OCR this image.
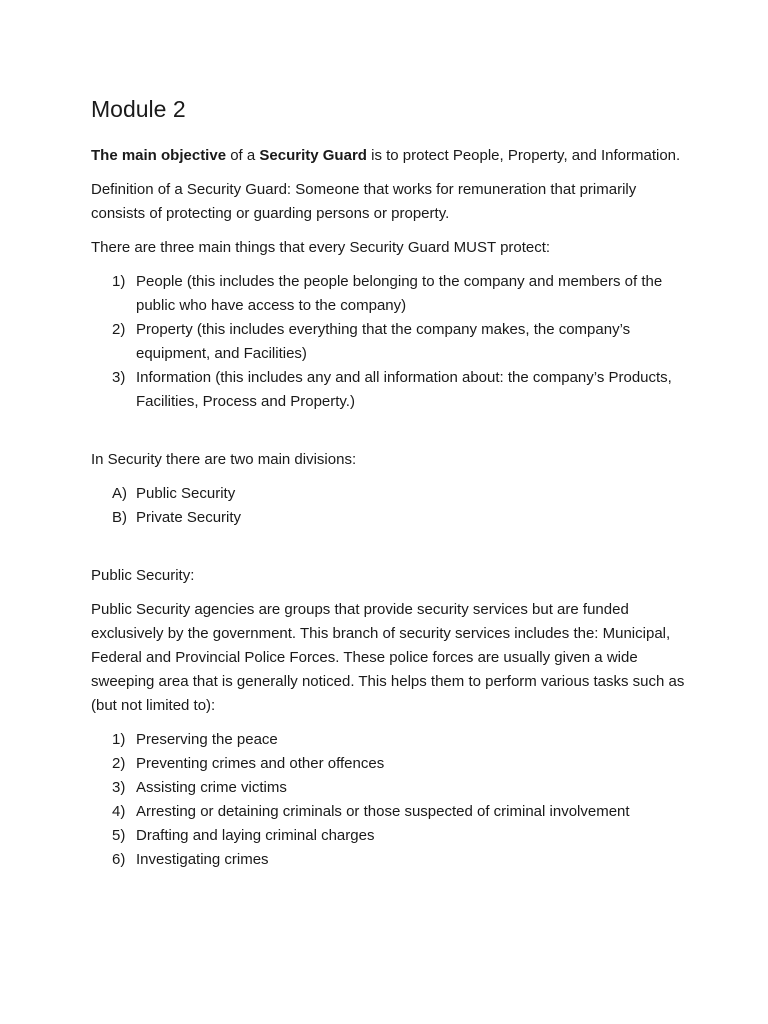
Module 2

The main objective of a Security Guard is to protect People, Property, and Information.

Definition of a Security Guard: Someone that works for remuneration that primarily consists of protecting or guarding persons or property.

There are three main things that every Security Guard MUST protect:

1) People (this includes the people belonging to the company and members of the public who have access to the company)
2) Property (this includes everything that the company makes, the company’s equipment, and Facilities)
3) Information (this includes any and all information about: the company’s Products, Facilities, Process and Property.)

In Security there are two main divisions:

A) Public Security
B) Private Security

Public Security:

Public Security agencies are groups that provide security services but are funded exclusively by the government. This branch of security services includes the: Municipal, Federal and Provincial Police Forces. These police forces are usually given a wide sweeping area that is generally noticed. This helps them to perform various tasks such as (but not limited to):

1) Preserving the peace
2) Preventing crimes and other offences
3) Assisting crime victims
4) Arresting or detaining criminals or those suspected of criminal involvement
5) Drafting and laying criminal charges
6) Investigating crimes
